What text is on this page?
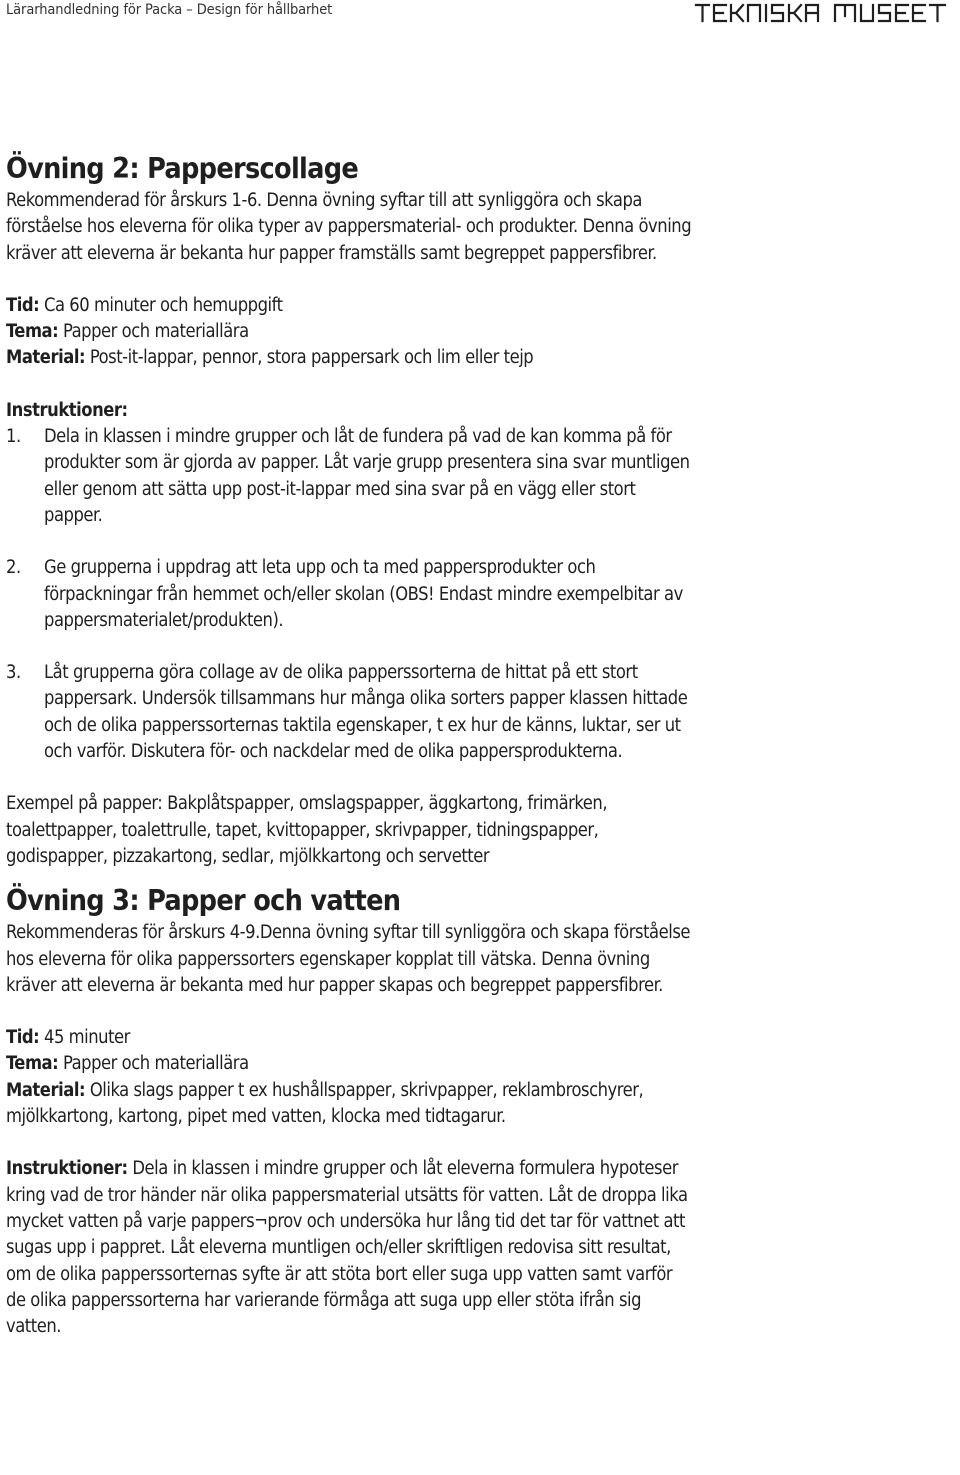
Lärarhandledning för Packa – Design för hållbarhet
Övning 2: Papperscollage

Rekommenderad för årskurs 1-6. Denna övning syftar till att synliggöra och skapa förståelse hos eleverna för olika typer av pappersmaterial- och produkter. Denna övning kräver att eleverna är bekanta hur papper framställs samt begreppet pappersfibrer.

Tid: Ca 60 minuter och hemuppgift
Tema: Papper och materiallära
Material: Post-it-lappar, pennor, stora pappersark och lim eller tejp

Instruktioner:

1. Dela in klassen i mindre grupper och låt de fundera på vad de kan komma på för produkter som är gjorda av papper. Låt varje grupp presentera sina svar muntligen eller genom att sätta upp post-it-lappar med sina svar på en vägg eller stort papper.
2. Ge grupperna i uppdrag att leta upp och ta med pappersprodukter och förpackningar från hemmet och/eller skolan (OBS! Endast mindre exempelbitar av pappersmaterialet/produkten).
3. Låt grupperna göra collage av de olika papperssorterna de hittat på ett stort pappersark. Undersök tillsammans hur många olika sorters papper klassen hittade och de olika papperssorternas taktila egenskaper, t ex hur de känns, luktar, ser ut och varför. Diskutera för- och nackdelar med de olika pappersprodukterna.

Exempel på papper: Bakplåtspapper, omslagspapper, äggkartong, frimärken, toalettpapper, toalettrulle, tapet, kvittopapper, skrivpapper, tidningspapper, godispapper, pizzakartong, sedlar, mjölkkartong och servetter

Övning 3: Papper och vatten

Rekommenderas för årskurs 4-9.Denna övning syftar till synliggöra och skapa förståelse hos eleverna för olika papperssorters egenskaper kopplat till vätska. Denna övning kräver att eleverna är bekanta med hur papper skapas och begreppet pappersfibrer.

Tid: 45 minuter
Tema: Papper och materiallära
Material: Olika slags papper t ex hushållspapper, skrivpapper, reklambroschyrer, mjölkkartong, kartong, pipet med vatten, klocka med tidtagarur.

Instruktioner: Dela in klassen i mindre grupper och låt eleverna formulera hypoteser kring vad de tror händer när olika pappersmaterial utsätts för vatten. Låt de droppa lika mycket vatten på varje pappers¬prov och undersöka hur lång tid det tar för vattnet att sugas upp i pappret. Låt eleverna muntligen och/eller skriftligen redovisa sitt resultat, om de olika papperssorternas syfte är att stöta bort eller suga upp vatten samt varför de olika papperssorterna har varierande förmåga att suga upp eller stöta ifrån sig vatten.
